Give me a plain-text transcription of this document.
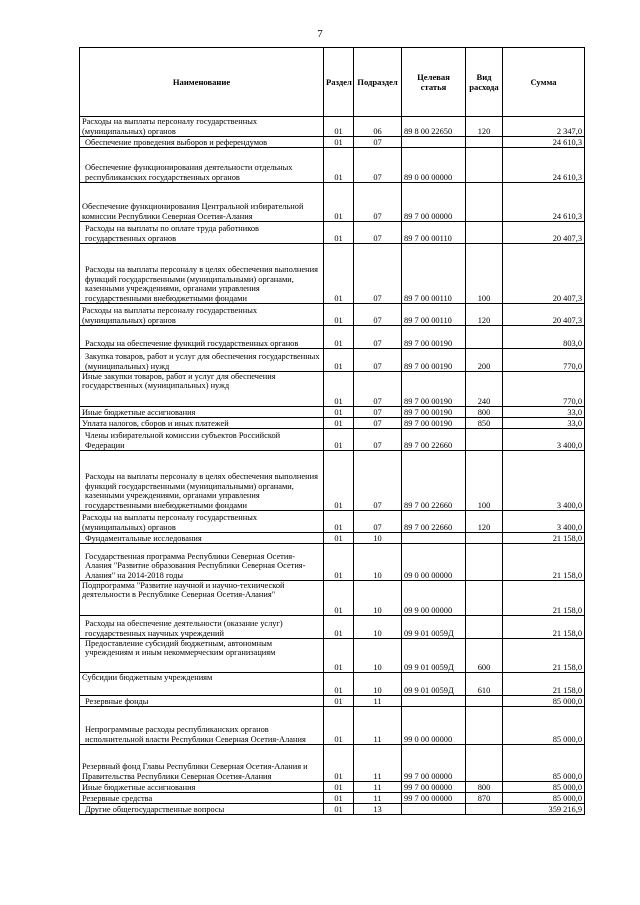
7
Наименование	Раздел	Подраздел	Целевая статья	Вид расхода	Сумма
Расходы на выплаты персоналу государственных (муниципальных) органов	01	06	89 8 00 22650	120	2 347,0
Обеспечение проведения выборов и референдумов	01	07			24 610,3
Обеспечение функционирования деятельности отдельных республиканских государственных органов	01	07	89 0 00 00000		24 610,3
Обеспечение функционирования Центральной избирательной комиссии Республики Северная Осетия-Алания	01	07	89 7 00 00000		24 610,3
Расходы на выплаты по оплате труда работников государственных органов	01	07	89 7 00 00110		20 407,3
Расходы на выплаты персоналу в целях обеспечения выполнения функций государственными (муниципальными) органами, казенными учреждениями, органами управления государственными внебюджетными фондами	01	07	89 7 00 00110	100	20 407,3
Расходы на выплаты персоналу государственных (муниципальных) органов	01	07	89 7 00 00110	120	20 407,3
Расходы на обеспечение функций государственных органов	01	07	89 7 00 00190		803,0
Закупка товаров, работ и услуг для обеспечения государственных (муниципальных) нужд	01	07	89 7 00 00190	200	770,0
Иные закупки товаров, работ и услуг для обеспечения государственных (муниципальных) нужд	01	07	89 7 00 00190	240	770,0
Иные бюджетные ассигнования	01	07	89 7 00 00190	800	33,0
Уплата налогов, сборов и иных платежей	01	07	89 7 00 00190	850	33,0
Члены избирательной комиссии субъектов Российской Федерации	01	07	89 7 00 22660		3 400,0
Расходы на выплаты персоналу в целях обеспечения выполнения функций государственными (муниципальными) органами, казенными учреждениями, органами управления государственными внебюджетными фондами	01	07	89 7 00 22660	100	3 400,0
Расходы на выплаты персоналу государственных (муниципальных) органов	01	07	89 7 00 22660	120	3 400,0
Фундаментальные исследования	01	10			21 158,0
Государственная программа Республики Северная Осетия-Алания "Развитие образования Республики Северная Осетия-Алания" на 2014-2018 годы	01	10	09 0 00 00000		21 158,0
Подпрограмма "Развитие научной и научно-технической деятельности в Республике Северная Осетия-Алания"	01	10	09 9 00 00000		21 158,0
Расходы на обеспечение деятельности (оказание услуг) государственных научных учреждений	01	10	09 9 01 0059Д		21 158,0
Предоставление субсидий бюджетным, автономным учреждениям и иным некоммерческим организациям	01	10	09 9 01 0059Д	600	21 158,0
Субсидии бюджетным учреждениям	01	10	09 9 01 0059Д	610	21 158,0
Резервные фонды	01	11			85 000,0
Непрограммные расходы республиканских органов исполнительной власти Республики Северная Осетия-Алания	01	11	99 0 00 00000		85 000,0
Резервный фонд Главы Республики Северная Осетия-Алания и Правительства Республики Северная Осетия-Алания	01	11	99 7 00 00000		85 000,0
Иные бюджетные ассигнования	01	11	99 7 00 00000	800	85 000,0
Резервные средства	01	11	99 7 00 00000	870	85 000,0
Другие общегосударственные вопросы	01	13			359 216,9
